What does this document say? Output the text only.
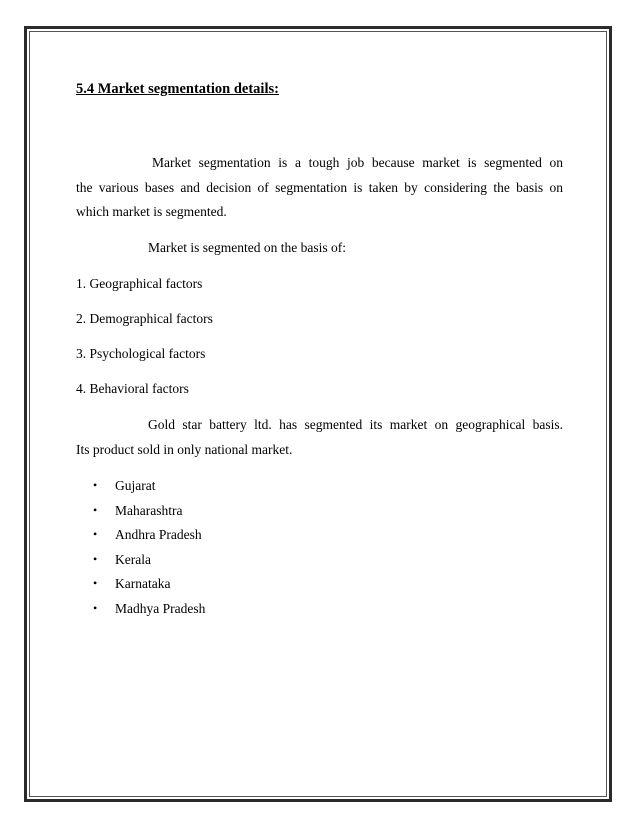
5.4 Market segmentation details:
Market segmentation is a tough job because market is segmented on
the various bases and decision of segmentation is taken by considering the basis on
which market is segmented.

Market is segmented on the basis of:

1. Geographical factors

2. Demographical factors

3. Psychological factors

4. Behavioral factors

Gold star battery ltd. has segmented its market on geographical basis.
Its product sold in only national market.
• Gujarat
• Maharashtra
• Andhra Pradesh
• Kerala
• Karnataka
• Madhya Pradesh
